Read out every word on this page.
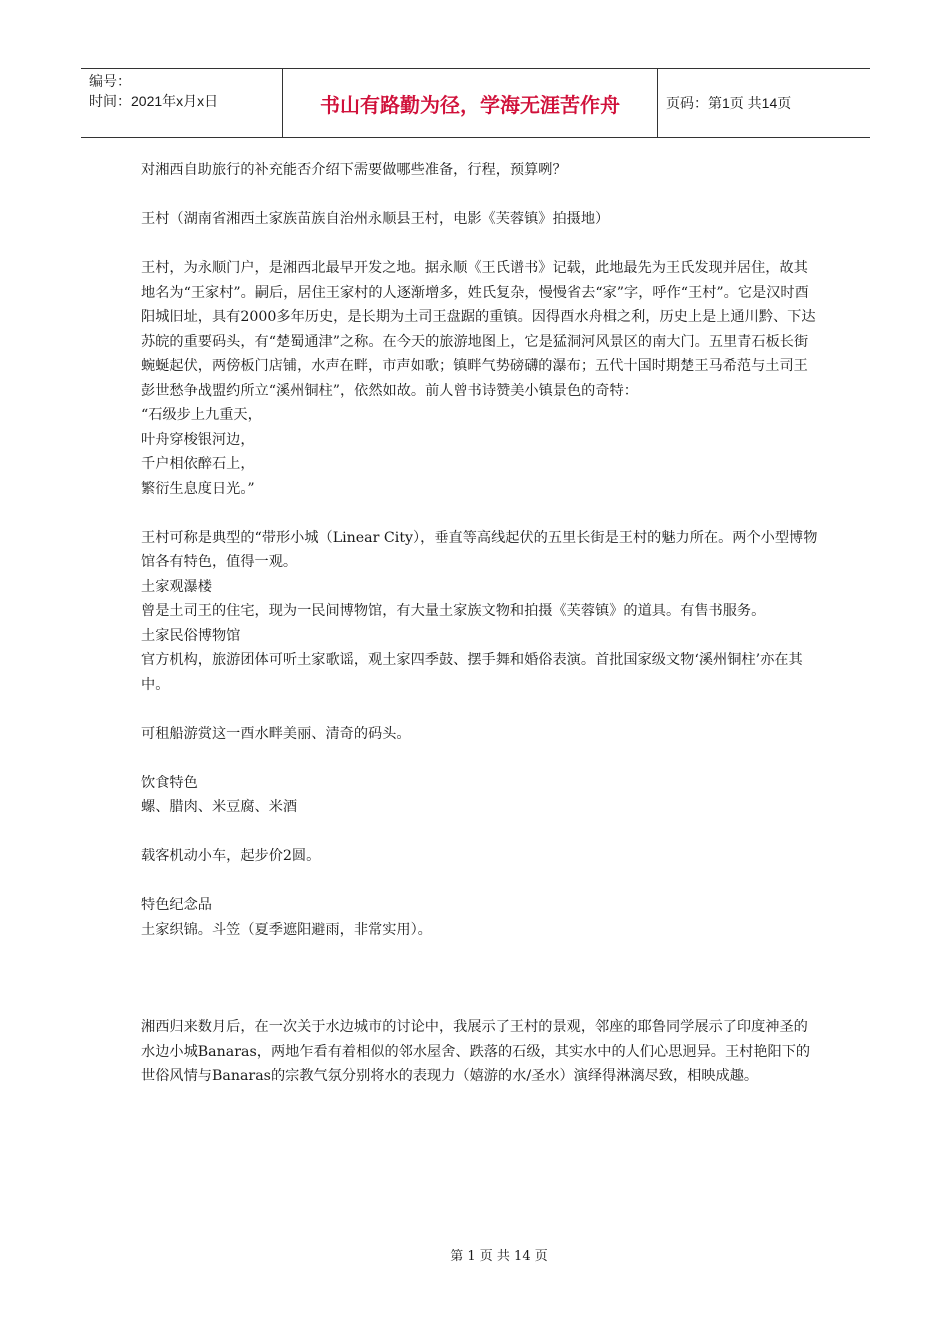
编号：
时间：2021年x月x日	书山有路勤为径，学海无涯苦作舟	页码：第1页 共14页

对湘西自助旅行的补充能否介绍下需要做哪些准备，行程，预算咧？

王村（湖南省湘西土家族苗族自治州永顺县王村，电影《芙蓉镇》拍摄地）

王村，为永顺门户，是湘西北最早开发之地。据永顺《王氏谱书》记载，此地最先为王氏发现并居住，故其地名为“王家村”。嗣后，居住王家村的人逐渐增多，姓氏复杂，慢慢省去“家”字，呼作“王村”。它是汉时酉阳城旧址，具有2000多年历史，是长期为土司王盘踞的重镇。因得酉水舟楫之利，历史上是上通川黔、下达苏皖的重要码头，有“楚蜀通津”之称。在今天的旅游地图上，它是猛洞河风景区的南大门。五里青石板长街蜿蜒起伏，两傍板门店铺，水声在畔，市声如歌；镇畔气势磅礴的瀑布；五代十国时期楚王马希范与土司王彭世愁争战盟约所立“溪州铜柱”，依然如故。前人曾书诗赞美小镇景色的奇特：

“石级步上九重天，

叶舟穿梭银河边，

千户相依醉石上，

繁衍生息度日光。”

王村可称是典型的“带形小城（Linear City），垂直等高线起伏的五里长街是王村的魅力所在。两个小型博物馆各有特色，值得一观。

土家观瀑楼

曾是土司王的住宅，现为一民间博物馆，有大量土家族文物和拍摄《芙蓉镇》的道具。有售书服务。

土家民俗博物馆

官方机构，旅游团体可听土家歌谣，观土家四季鼓、摆手舞和婚俗表演。首批国家级文物‘溪州铜柱’亦在其中。

可租船游赏这一酉水畔美丽、清奇的码头。

饮食特色

螺、腊肉、米豆腐、米酒

载客机动小车，起步价2圆。

特色纪念品

土家织锦。斗笠（夏季遮阳避雨，非常实用）。

湘西归来数月后，在一次关于水边城市的讨论中，我展示了王村的景观，邻座的耶鲁同学展示了印度神圣的水边小城Banaras，两地乍看有着相似的邻水屋舍、跌落的石级，其实水中的人们心思迥异。王村艳阳下的世俗风情与Banaras的宗教气氛分别将水的表现力（嬉游的水/圣水）演绎得淋漓尽致，相映成趣。

第 1 页 共 14 页
